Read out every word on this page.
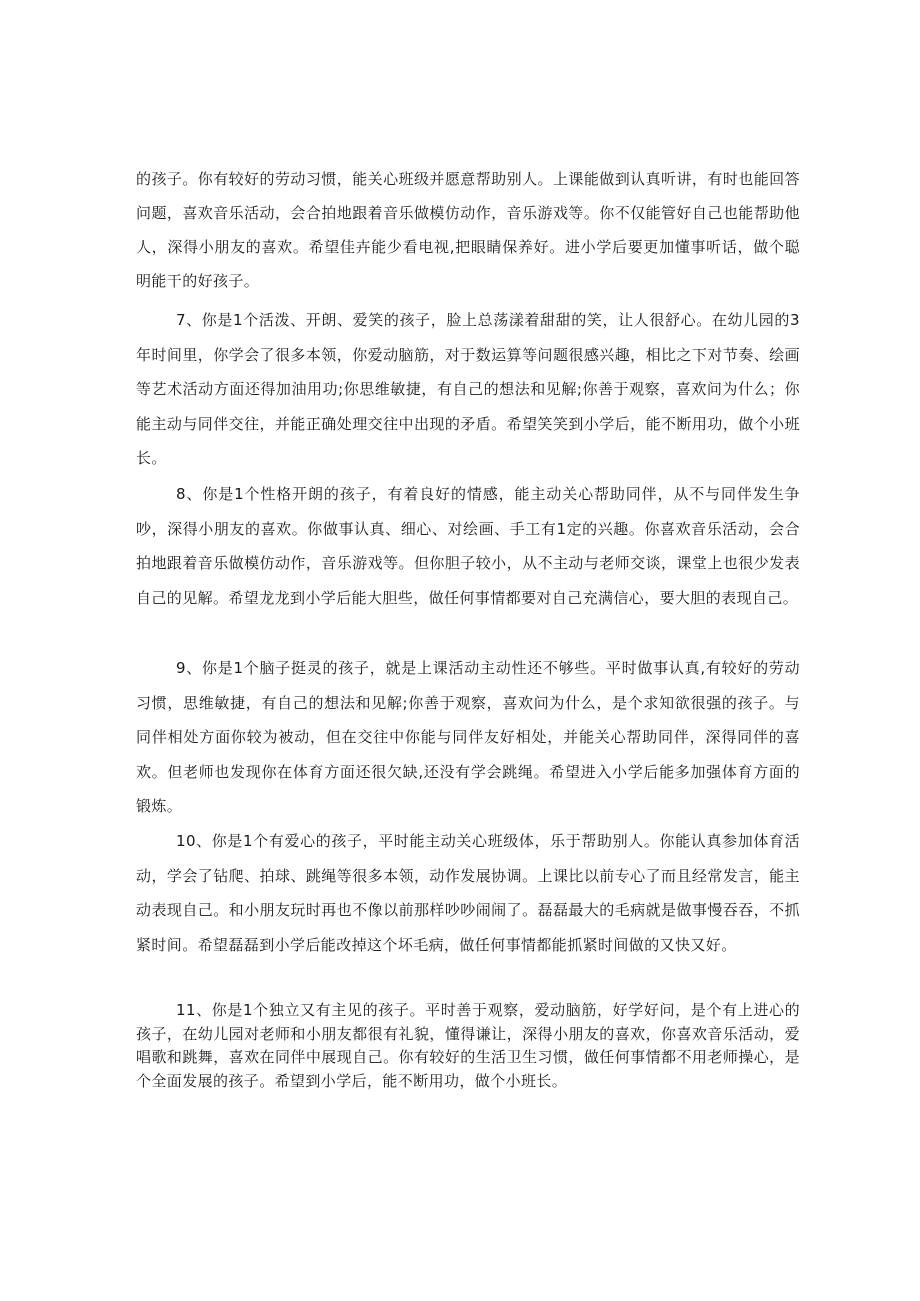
的孩子。你有较好的劳动习惯，能关心班级并愿意帮助别人。上课能做到认真听讲，有时也能回答问题，喜欢音乐活动，会合拍地跟着音乐做模仿动作，音乐游戏等。你不仅能管好自己也能帮助他人，深得小朋友的喜欢。希望佳卉能少看电视,把眼睛保养好。进小学后要更加懂事听话，做个聪明能干的好孩子。

7、你是1个活泼、开朗、爱笑的孩子，脸上总荡漾着甜甜的笑，让人很舒心。在幼儿园的3年时间里，你学会了很多本领，你爱动脑筋，对于数运算等问题很感兴趣，相比之下对节奏、绘画等艺术活动方面还得加油用功;你思维敏捷，有自己的想法和见解;你善于观察，喜欢问为什么；你能主动与同伴交往，并能正确处理交往中出现的矛盾。希望笑笑到小学后，能不断用功，做个小班长。

8、你是1个性格开朗的孩子，有着良好的情感，能主动关心帮助同伴，从不与同伴发生争吵，深得小朋友的喜欢。你做事认真、细心、对绘画、手工有1定的兴趣。你喜欢音乐活动，会合拍地跟着音乐做模仿动作，音乐游戏等。但你胆子较小，从不主动与老师交谈，课堂上也很少发表自己的见解。希望龙龙到小学后能大胆些，做任何事情都要对自己充满信心，要大胆的表现自己。

9、你是1个脑子挺灵的孩子，就是上课活动主动性还不够些。平时做事认真,有较好的劳动习惯，思维敏捷，有自己的想法和见解;你善于观察，喜欢问为什么，是个求知欲很强的孩子。与同伴相处方面你较为被动，但在交往中你能与同伴友好相处，并能关心帮助同伴，深得同伴的喜欢。但老师也发现你在体育方面还很欠缺,还没有学会跳绳。希望进入小学后能多加强体育方面的锻炼。

10、你是1个有爱心的孩子，平时能主动关心班级体，乐于帮助别人。你能认真参加体育活动，学会了钻爬、拍球、跳绳等很多本领，动作发展协调。上课比以前专心了而且经常发言，能主动表现自己。和小朋友玩时再也不像以前那样吵吵闹闹了。磊磊最大的毛病就是做事慢吞吞，不抓紧时间。希望磊磊到小学后能改掉这个坏毛病，做任何事情都能抓紧时间做的又快又好。

11、你是1个独立又有主见的孩子。平时善于观察，爱动脑筋，好学好问，是个有上进心的孩子，在幼儿园对老师和小朋友都很有礼貌，懂得谦让，深得小朋友的喜欢，你喜欢音乐活动，爱唱歌和跳舞，喜欢在同伴中展现自己。你有较好的生活卫生习惯，做任何事情都不用老师操心，是个全面发展的孩子。希望到小学后，能不断用功，做个小班长。
